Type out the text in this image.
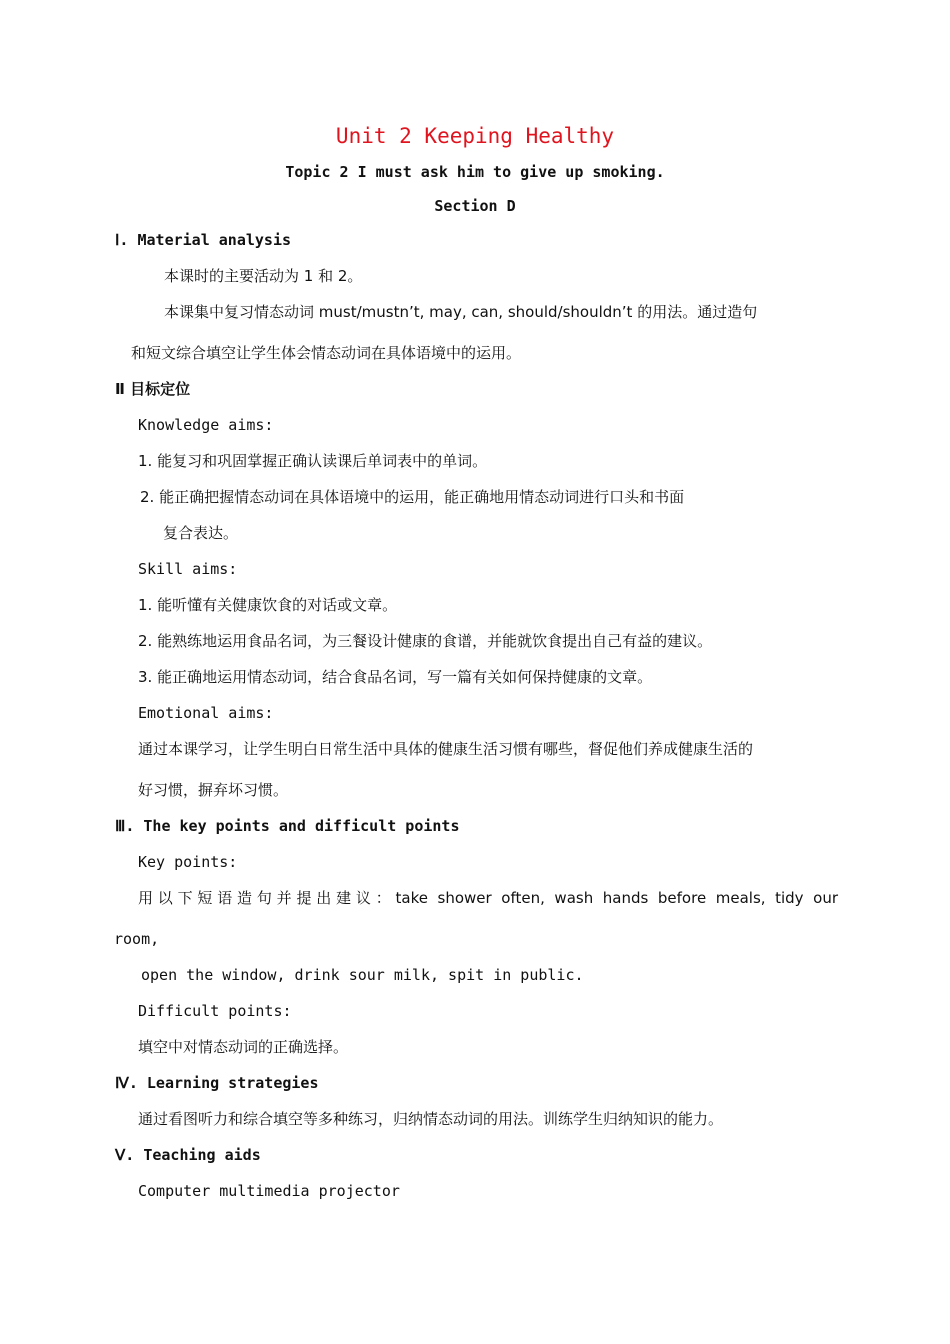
Unit 2 Keeping Healthy
Topic 2 I must ask him to give up smoking.
Section D
Ⅰ. Material analysis
本课时的主要活动为 1 和 2。
本课集中复习情态动词 must/mustn’t, may, can, should/shouldn’t 的用法。通过造句
和短文综合填空让学生体会情态动词在具体语境中的运用。
Ⅱ 目标定位
Knowledge aims:
1. 能复习和巩固掌握正确认读课后单词表中的单词。
2. 能正确把握情态动词在具体语境中的运用，能正确地用情态动词进行口头和书面
复合表达。
Skill aims:
1. 能听懂有关健康饮食的对话或文章。
2. 能熟练地运用食品名词，为三餐设计健康的食谱，并能就饮食提出自己有益的建议。
3. 能正确地运用情态动词，结合食品名词，写一篇有关如何保持健康的文章。
Emotional aims:
通过本课学习，让学生明白日常生活中具体的健康生活习惯有哪些，督促他们养成健康生活的
好习惯，摒弃坏习惯。
Ⅲ. The key points and difficult points
Key points:
用以下短语造句并提出建议：take shower often, wash hands before meals, tidy our
room,
open the window, drink sour milk, spit in public.
Difficult points:
填空中对情态动词的正确选择。
Ⅳ. Learning strategies
通过看图听力和综合填空等多种练习，归纳情态动词的用法。训练学生归纳知识的能力。
Ⅴ. Teaching aids
Computer multimedia projector
